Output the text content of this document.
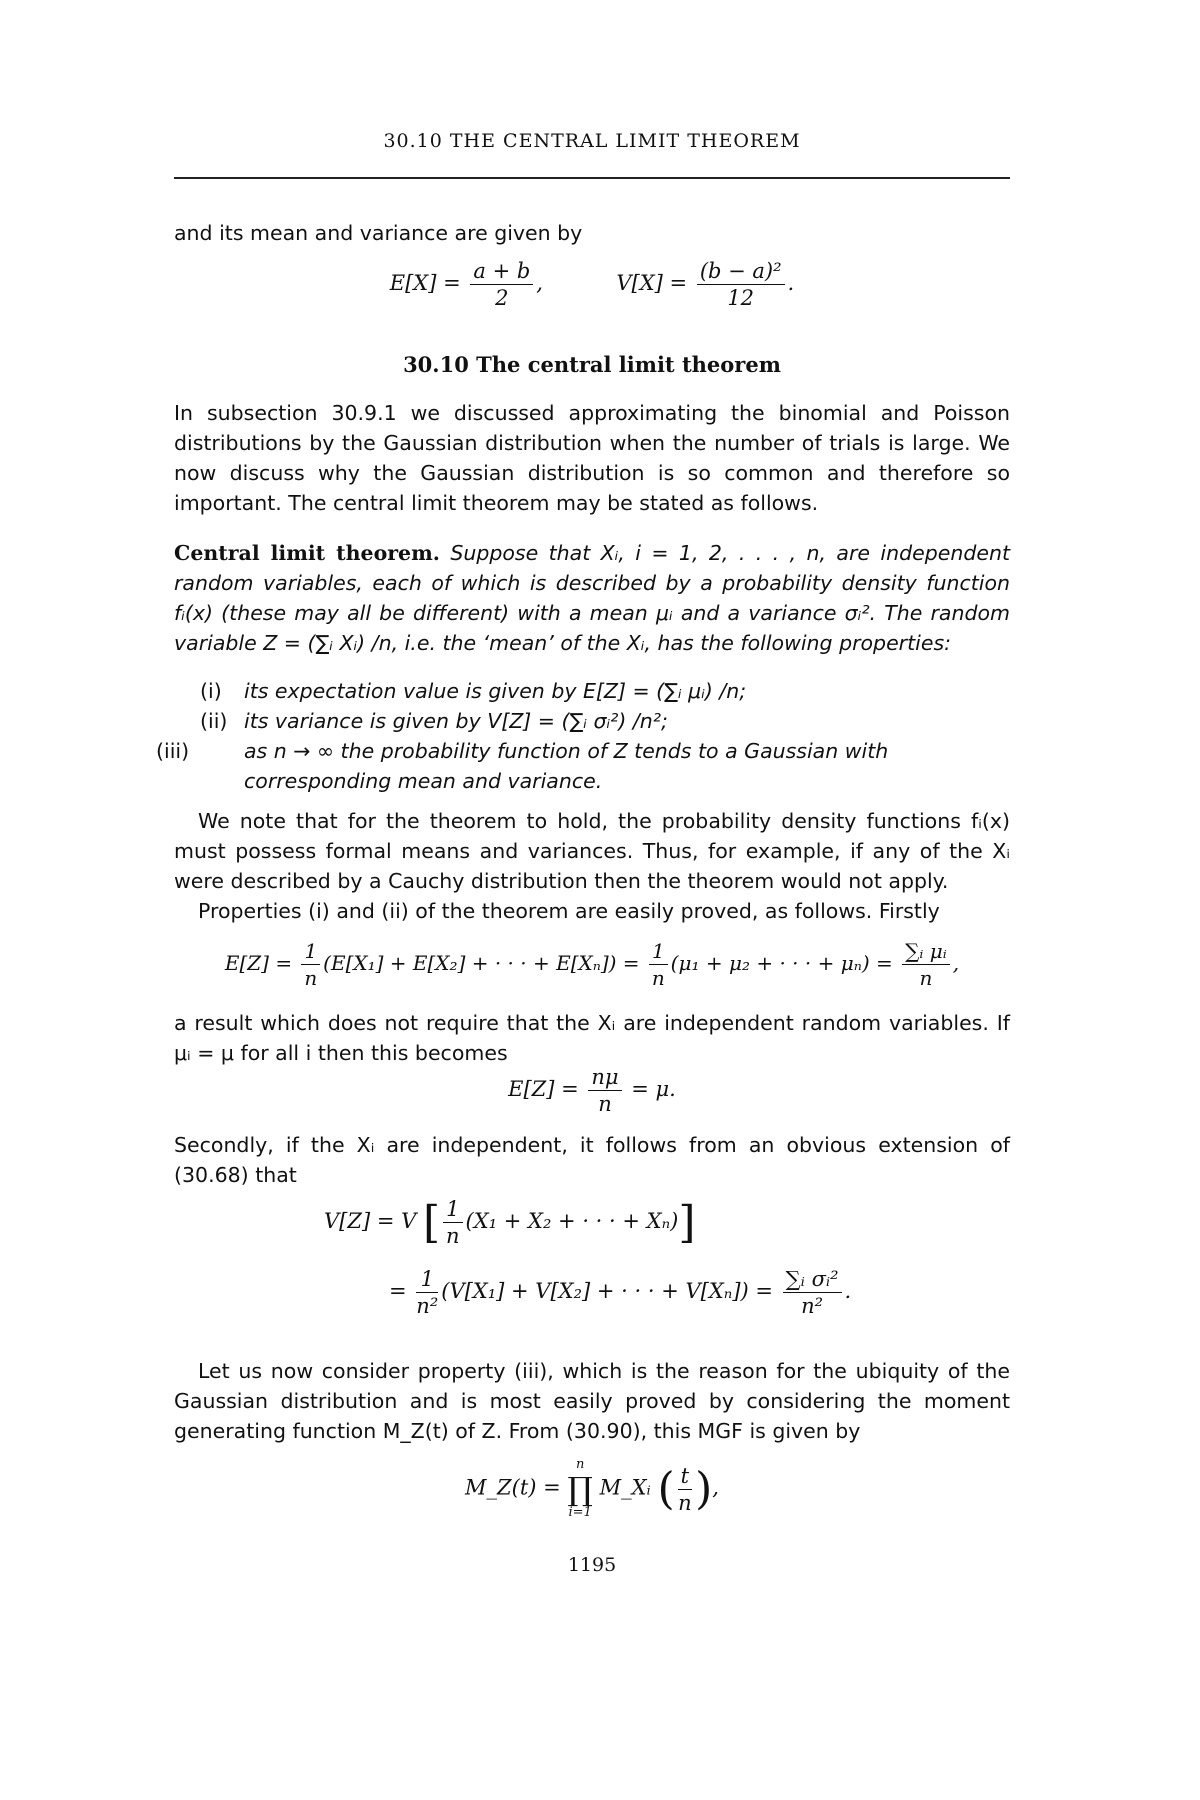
30.10 THE CENTRAL LIMIT THEOREM
and its mean and variance are given by
$E[X] = \frac{a + b}{2}$ ,	$V[X] = \frac{\text{(b − a)²}}{12}$ .
30.10 The central limit theorem
In subsection 30.9.1 we discussed approximating the binomial and Poisson distributions by the Gaussian distribution when the number of trials is large. We now discuss why the Gaussian distribution is so common and therefore so important. The central limit theorem may be stated as follows.
Central limit theorem. Suppose that Xᵢ, i = 1, 2, . . . , n, are independent random variables, each of which is described by a probability density function fᵢ(x) (these may all be different) with a mean μᵢ and a variance σᵢ². The random variable Z = (∑ᵢ Xᵢ) /n, i.e. the ‘mean’ of the Xᵢ, has the following properties:
(i) its expectation value is given by E[Z] = (∑ᵢ μᵢ) /n;
(ii) its variance is given by V[Z] = (∑ᵢ σᵢ²) /n²;
(iii)	as n → ∞ the probability function of Z tends to a Gaussian with corresponding mean and variance.
We note that for the theorem to hold, the probability density functions fᵢ(x) must possess formal means and variances. Thus, for example, if any of the Xᵢ were described by a Cauchy distribution then the theorem would not apply.
Properties (i) and (ii) of the theorem are easily proved, as follows. Firstly
$E[Z] = \frac{1}{n} (E[X_1] + E[X_2]$ + · · · + $E[X_n]) = \frac{1}{n} (\mu_1 + \mu_2$ + · · · + $\mu_n) = \frac{\text{∑ᵢ μᵢ}}{n}$ ,
a result which does not require that the Xᵢ are independent random variables. If μᵢ = μ for all i then this becomes
$E[Z] = \frac{n\mu}{n} = \mu$.
Secondly, if the Xᵢ are independent, it follows from an obvious extension of (30.68) that
V[Z] = V [ $\frac{1}{n} (X_1 + X_2$ + · · · + Xₙ)]
= $\frac{1}{\text{n²}} (V[X_1] + V[X_2]$ + · · · + $V[X_n]) = \frac{\text{∑ᵢ σᵢ²}}{\text{n²}}$ .
Let us now consider property (iii), which is the reason for the ubiquity of the Gaussian distribution and is most easily proved by considering the moment generating function M_Z(t) of Z. From (30.90), this MGF is given by
M_Z(t) =
n
∏
i=1
M_Xᵢ ( $\frac{t}{n}$ ),
1195
